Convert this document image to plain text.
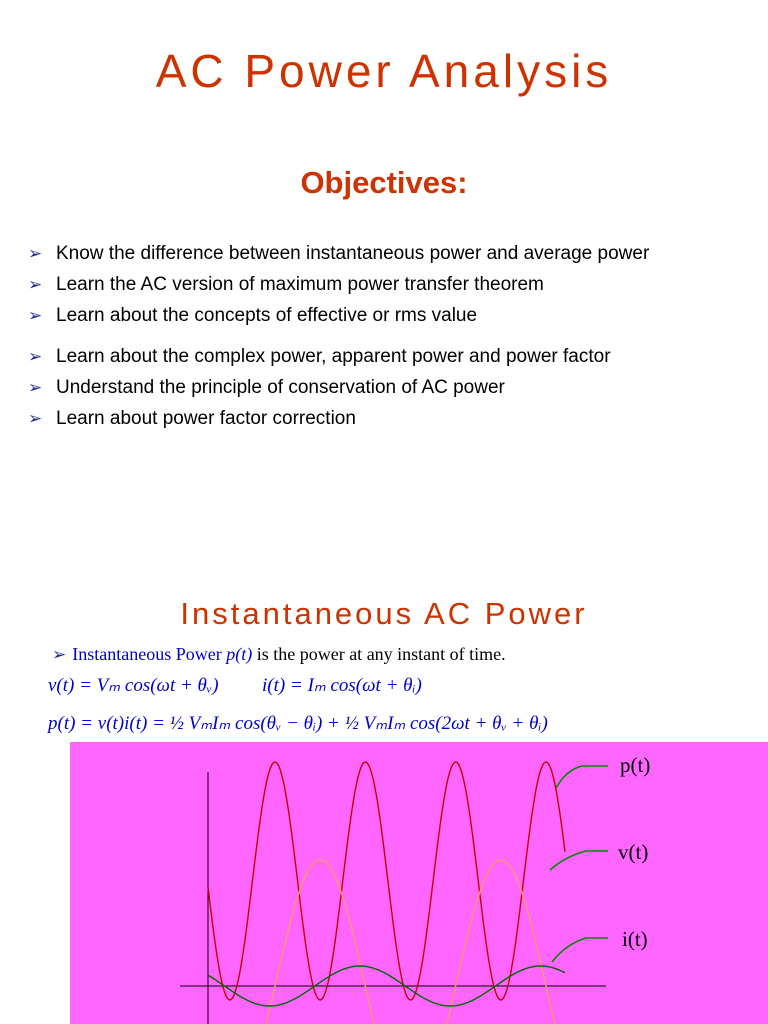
AC Power Analysis
Objectives:
➢ Know the difference between instantaneous power and average power
➢ Learn the AC version of maximum power transfer theorem
➢ Learn about the concepts of effective or rms value
➢ Learn about the complex power, apparent power and power factor
➢ Understand the principle of conservation of AC power
➢ Learn about power factor correction
Instantaneous AC Power
➢ Instantaneous Power p(t) is the power at any instant of time.
v(t) = Vₘ cos(ωt + θᵥ) i(t) = Iₘ cos(ωt + θᵢ)
p(t) = v(t)i(t) = ½ VₘIₘ cos(θᵥ − θᵢ) + ½ VₘIₘ cos(2ωt + θᵥ + θᵢ)
p(t)
v(t)
i(t)
